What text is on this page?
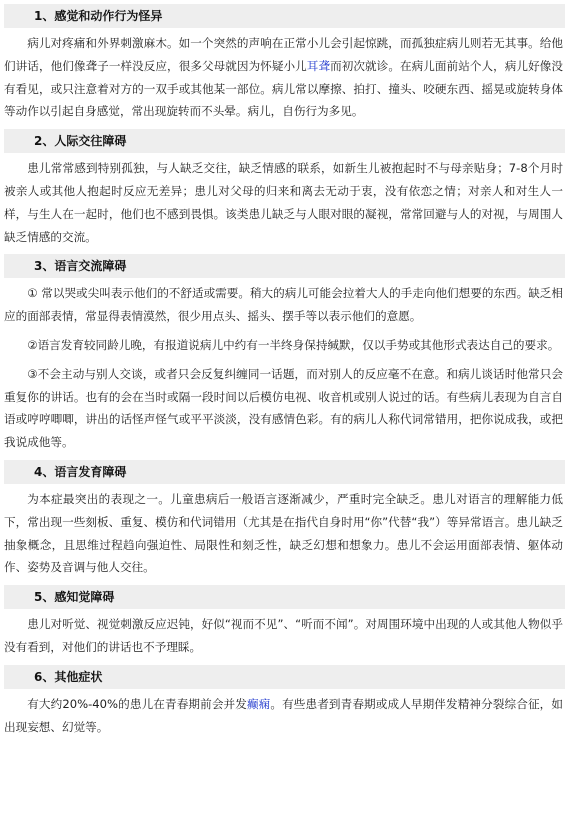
1、感觉和动作行为怪异
病儿对疼痛和外界刺激麻木。如一个突然的声响在正常小儿会引起惊跳，而孤独症病儿则若无其事。给他们讲话，他们像聋子一样没反应，很多父母就因为怀疑小儿耳聋而初次就诊。在病儿面前站个人，病儿好像没有看见，或只注意着对方的一双手或其他某一部位。病儿常以摩擦、拍打、撞头、咬硬东西、摇晃或旋转身体等动作以引起自身感觉，常出现旋转而不头晕。病儿，自伤行为多见。
2、人际交往障碍
患儿常常感到特别孤独，与人缺乏交往，缺乏情感的联系，如新生儿被抱起时不与母亲贴身；7-8个月时被亲人或其他人抱起时反应无差异；患儿对父母的归来和离去无动于衷，没有依恋之情；对亲人和对生人一样，与生人在一起时，他们也不感到畏惧。该类患儿缺乏与人眼对眼的凝视，常常回避与人的对视，与周围人缺乏情感的交流。
3、语言交流障碍
① 常以哭或尖叫表示他们的不舒适或需要。稍大的病儿可能会拉着大人的手走向他们想要的东西。缺乏相应的面部表情，常显得表情漠然，很少用点头、摇头、摆手等以表示他们的意愿。
②语言发育较同龄儿晚，有报道说病儿中约有一半终身保持缄默，仅以手势或其他形式表达自己的要求。
③不会主动与别人交谈，或者只会反复纠缠同一话题，而对别人的反应毫不在意。和病儿谈话时他常只会重复你的讲话。也有的会在当时或隔一段时间以后模仿电视、收音机或别人说过的话。有些病儿表现为自言自语或哼哼唧唧，讲出的话怪声怪气或平平淡淡，没有感情色彩。有的病儿人称代词常错用，把你说成我，或把我说成他等。
4、语言发育障碍
为本症最突出的表现之一。儿童患病后一般语言逐渐减少，严重时完全缺乏。患儿对语言的理解能力低下，常出现一些刻板、重复、模仿和代词错用（尤其是在指代自身时用“你”代替“我”）等异常语言。患儿缺乏抽象概念，且思维过程趋向强迫性、局限性和刻乏性，缺乏幻想和想象力。患儿不会运用面部表情、躯体动作、姿势及音调与他人交往。
5、感知觉障碍
患儿对听觉、视觉刺激反应迟钝，好似“视而不见”、“听而不闻”。对周围环境中出现的人或其他人物似乎没有看到，对他们的讲话也不予理睬。
6、其他症状
有大约20%-40%的患儿在青春期前会并发癫痫。有些患者到青春期或成人早期伴发精神分裂综合征，如出现妄想、幻觉等。
